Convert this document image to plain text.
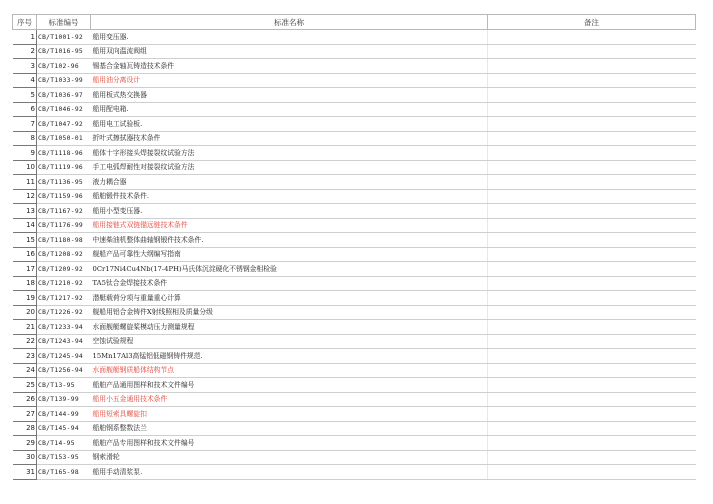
序号	标准编号	标准名称	备注
1	CB/T1001-92	船用变压器.	
2	CB/T1016-95	船用双向温流阀组	
3	CB/T102-96	锡基合金轴瓦铸造技术条件	
4	CB/T1033-99	船用油分离设计	
5	CB/T1036-97	船用板式热交换器	
6	CB/T1046-92	船用配电箱.	
7	CB/T1047-92	船用电工试验板.	
8	CB/T1050-01	折叶式擦拭器技术条件	
9	CB/T1118-96	船体十字形接头焊接裂纹试验方法	
10	CB/T1119-96	手工电弧焊耐性对接裂纹试验方法	
11	CB/T1136-95	液力耦合器	
12	CB/T1159-96	船舶锻件技术条件.	
13	CB/T1167-92	船用小型变压器.	
14	CB/T1176-99	船用接链式双链锚远链技术条件	
15	CB/T1180-98	中速柴油机整体曲轴钢锻件技术条件.	
16	CB/T1208-92	舰船产品可靠性大纲编写指南	
17	CB/T1209-92	0Cr17Ni4Cu4Nb(17-4PH)马氏体沉淀硬化不锈钢金相检验	
18	CB/T1210-92	TA5钛合金焊接技术条件	
19	CB/T1217-92	潜艇载荷分项与重量重心计算	
20	CB/T1226-92	舰船用铝合金铸件X射线照相及质量分级	
21	CB/T1233-94	水面舰艇螺旋桨模动压力测量规程	
22	CB/T1243-94	空蚀试验规程	
23	CB/T1245-94	15Mn17Al3高锰铝低磁钢铸件规范.	
24	CB/T1256-94	水面舰艇钢质船体结构节点	
25	CB/T13-95	船舶产品通用图样和技术文件编号	
26	CB/T139-99	船用小五金通用技术条件	
27	CB/T144-99	船用短索具螺旋扣	
28	CB/T145-94	船舶钢系整数法兰	
29	CB/T14-95	船舶产品专用图样和技术文件编号	
30	CB/T153-95	钢索滑轮	
31	CB/T165-98	船用手动清浆泵.	
